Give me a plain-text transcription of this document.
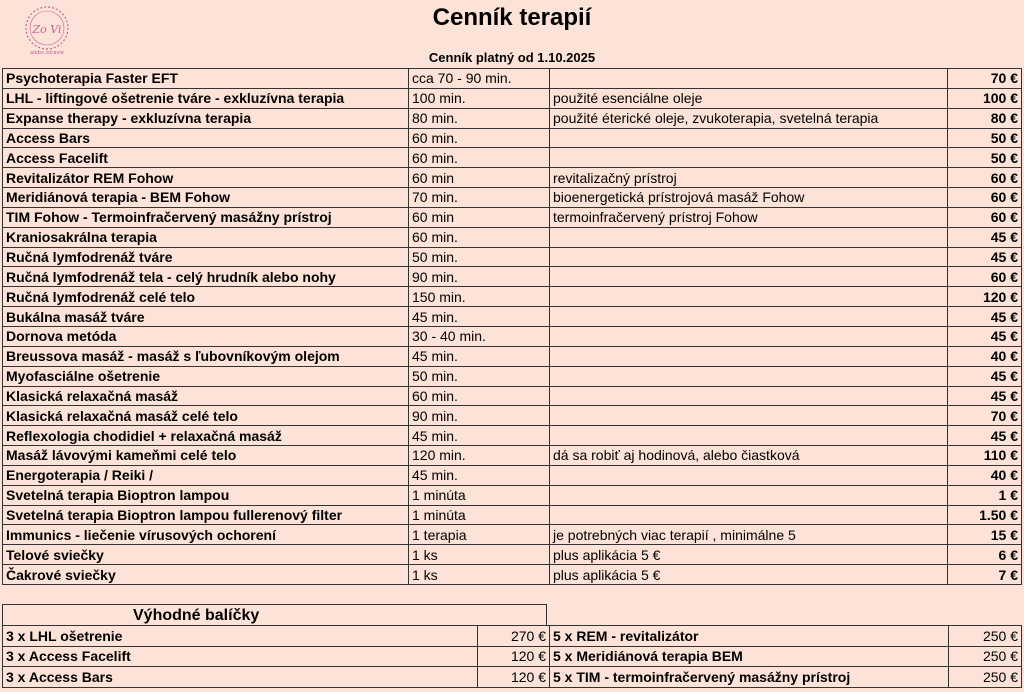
Zo Vi
alebo zdravie
Cenník terapií
Cenník platný od 1.10.2025
Psychoterapia Faster EFT	cca 70 - 90 min.		70 €
LHL - liftingové ošetrenie tváre - exkluzívna terapia	100 min.	použité esenciálne oleje	100 €
Expanse therapy - exkluzívna terapia	80 min.	použité éterické oleje, zvukoterapia, svetelná terapia	80 €
Access Bars	60 min.		50 €
Access Facelift	60 min.		50 €
Revitalizátor REM Fohow	60 min	revitalizačný prístroj	60 €
Meridiánová terapia - BEM Fohow	70 min.	bioenergetická prístrojová masáž Fohow	60 €
TIM Fohow - Termoinfračervený masážny prístroj	60 min	termoinfračervený prístroj Fohow	60 €
Kraniosakrálna terapia	60 min.		45 €
Ručná lymfodrenáž tváre	50 min.		45 €
Ručná lymfodrenáž tela - celý hrudník alebo nohy	90 min.		60 €
Ručná lymfodrenáž celé telo	150 min.		120 €
Bukálna masáž tváre	45 min.		45 €
Dornova metóda	30 - 40 min.		45 €
Breussova masáž - masáž s ľubovníkovým olejom	45 min.		40 €
Myofasciálne ošetrenie	50 min.		45 €
Klasická relaxačná masáž	60 min.		45 €
Klasická relaxačná masáž celé telo	90 min.		70 €
Reflexologia chodidiel + relaxačná masáž	45 min.		45 €
Masáž lávovými kameňmi celé telo	120 min.	dá sa robiť aj hodinová, alebo čiastková	110 €
Energoterapia / Reiki /	45 min.		40 €
Svetelná terapia Bioptron lampou	1 minúta		1 €
Svetelná terapia Bioptron lampou fullerenový filter	1 minúta		1.50 €
Immunics - liečenie vírusových ochorení	1 terapia	je potrebných viac terapií , minimálne 5	15 €
Telové sviečky	1 ks	plus aplikácia 5 €	6 €
Čakrové sviečky	1 ks	plus aplikácia 5 €	7 €
Výhodné balíčky
3 x LHL ošetrenie	270 €	5 x REM - revitalizátor	250 €
3 x Access Facelift	120 €	5 x Meridiánová terapia BEM	250 €
3 x Access Bars	120 €	5 x TIM - termoinfračervený masážny prístroj	250 €
